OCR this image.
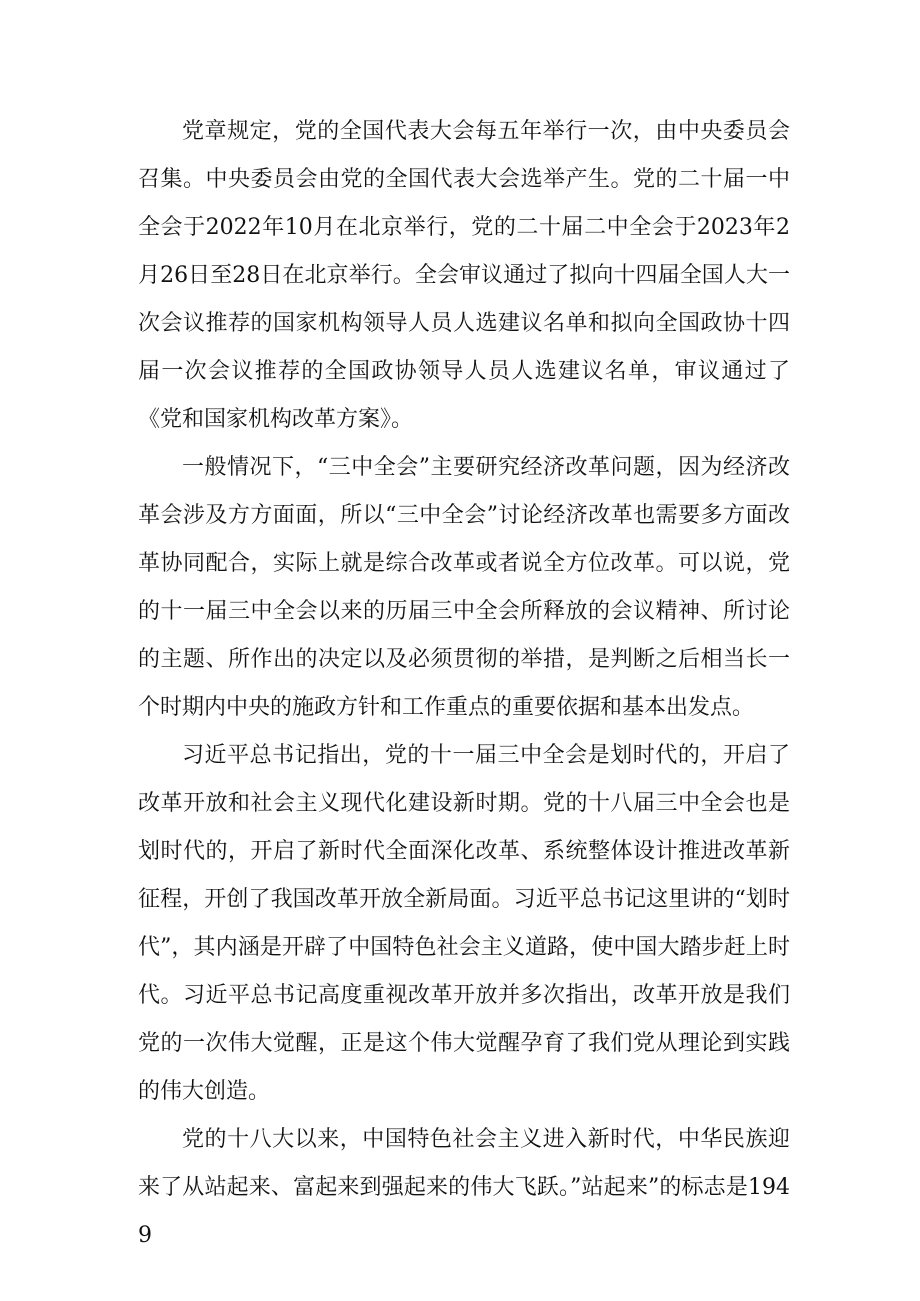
党章规定，党的全国代表大会每五年举行一次，由中央委员会召集。中央委员会由党的全国代表大会选举产生。党的二十届一中全会于2022年10月在北京举行，党的二十届二中全会于2023年2月26日至28日在北京举行。全会审议通过了拟向十四届全国人大一次会议推荐的国家机构领导人员人选建议名单和拟向全国政协十四届一次会议推荐的全国政协领导人员人选建议名单，审议通过了《党和国家机构改革方案》。

一般情况下，“三中全会”主要研究经济改革问题，因为经济改革会涉及方方面面，所以“三中全会”讨论经济改革也需要多方面改革协同配合，实际上就是综合改革或者说全方位改革。可以说，党的十一届三中全会以来的历届三中全会所释放的会议精神、所讨论的主题、所作出的决定以及必须贯彻的举措，是判断之后相当长一个时期内中央的施政方针和工作重点的重要依据和基本出发点。

习近平总书记指出，党的十一届三中全会是划时代的，开启了改革开放和社会主义现代化建设新时期。党的十八届三中全会也是划时代的，开启了新时代全面深化改革、系统整体设计推进改革新征程，开创了我国改革开放全新局面。习近平总书记这里讲的“划时代”，其内涵是开辟了中国特色社会主义道路，使中国大踏步赶上时代。习近平总书记高度重视改革开放并多次指出，改革开放是我们党的一次伟大觉醒，正是这个伟大觉醒孕育了我们党从理论到实践的伟大创造。

党的十八大以来，中国特色社会主义进入新时代，中华民族迎来了从站起来、富起来到强起来的伟大飞跃。”站起来”的标志是1949
